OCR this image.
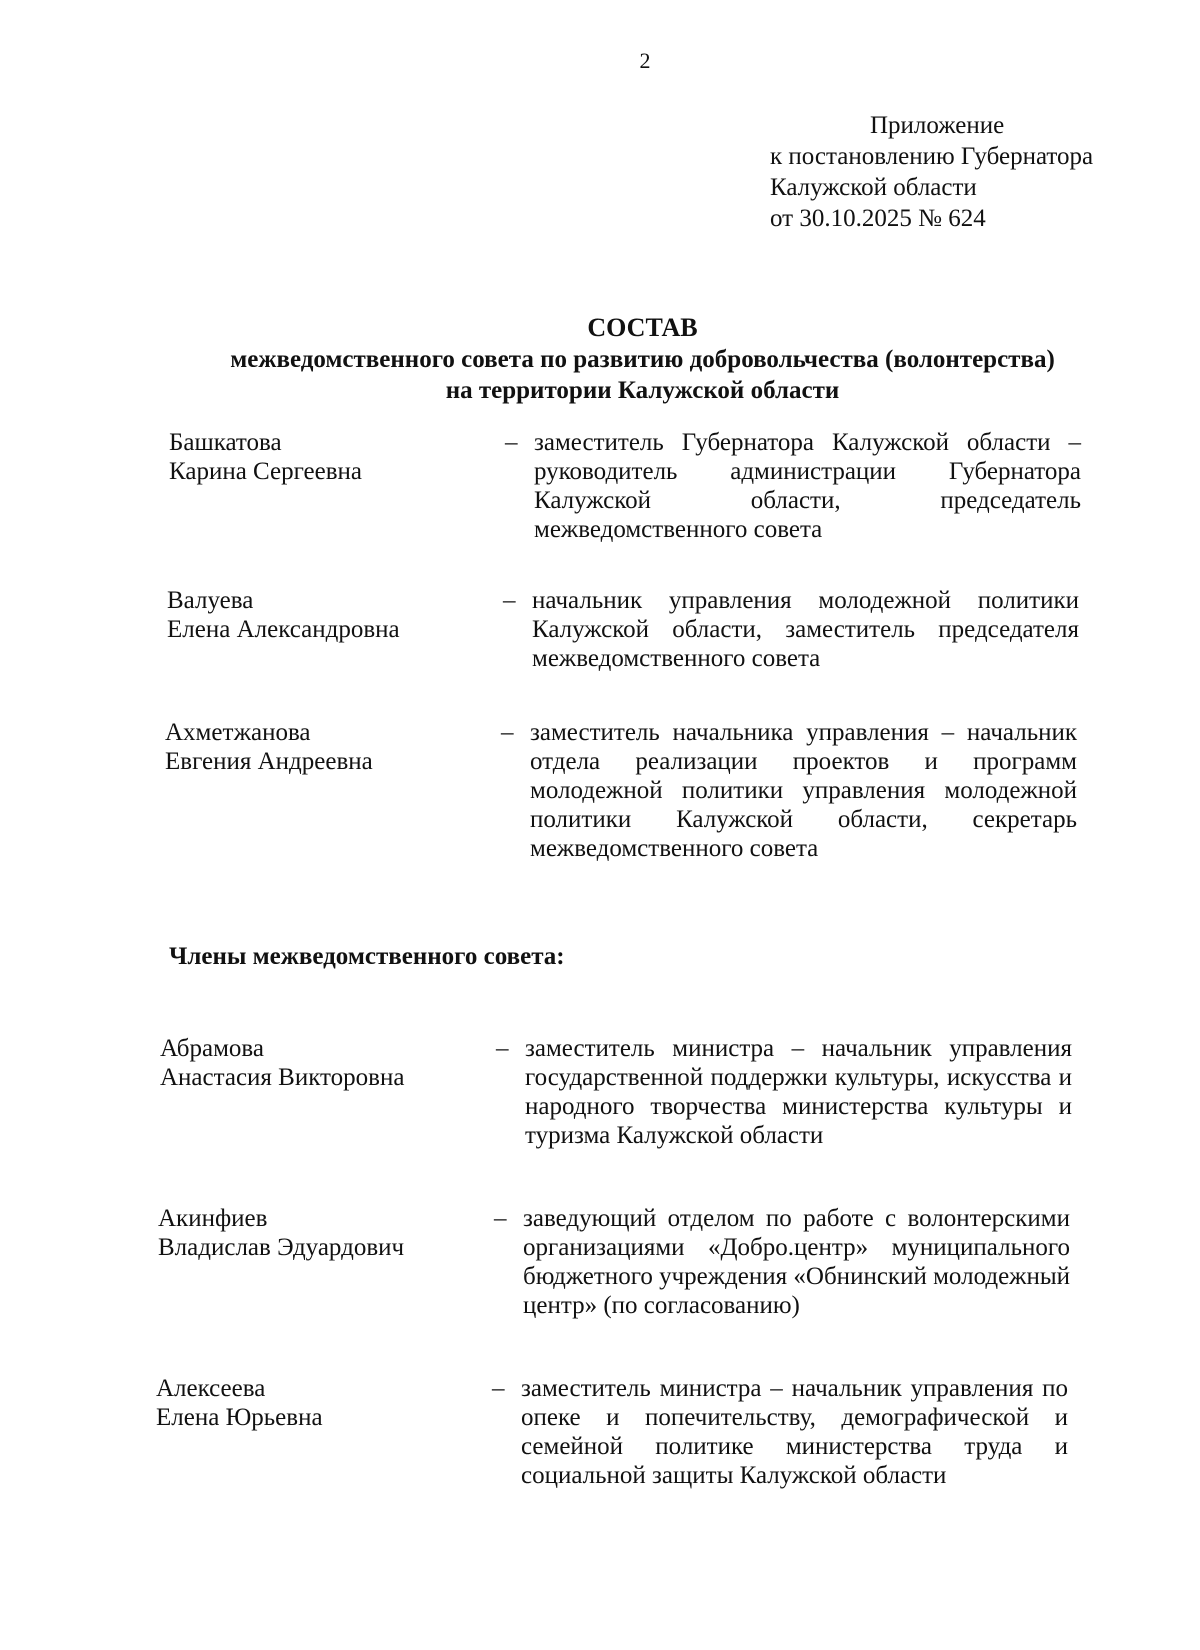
2
Приложение
к постановлению Губернатора
Калужской области
от 30.10.2025 № 624
СОСТАВ
межведомственного совета по развитию добровольчества (волонтерства)
на территории Калужской области
Башкатова
Карина Сергеевна
– заместитель Губернатора Калужской области – руководитель администрации Губернатора Калужской области, председатель межведомственного совета
Валуева
Елена Александровна
– начальник управления молодежной политики Калужской области, заместитель председателя межведомственного совета
Ахметжанова
Евгения Андреевна
– заместитель начальника управления – начальник отдела реализации проектов и программ молодежной политики управления молодежной политики Калужской области, секретарь межведомственного совета
Члены межведомственного совета:
Абрамова
Анастасия Викторовна
– заместитель министра – начальник управления государственной поддержки культуры, искусства и народного творчества министерства культуры и туризма Калужской области
Акинфиев
Владислав Эдуардович
– заведующий отделом по работе с волонтерскими организациями «Добро.центр» муниципального бюджетного учреждения «Обнинский молодежный центр» (по согласованию)
Алексеева
Елена Юрьевна
– заместитель министра – начальник управления по опеке и попечительству, демографической и семейной политике министерства труда и социальной защиты Калужской области
